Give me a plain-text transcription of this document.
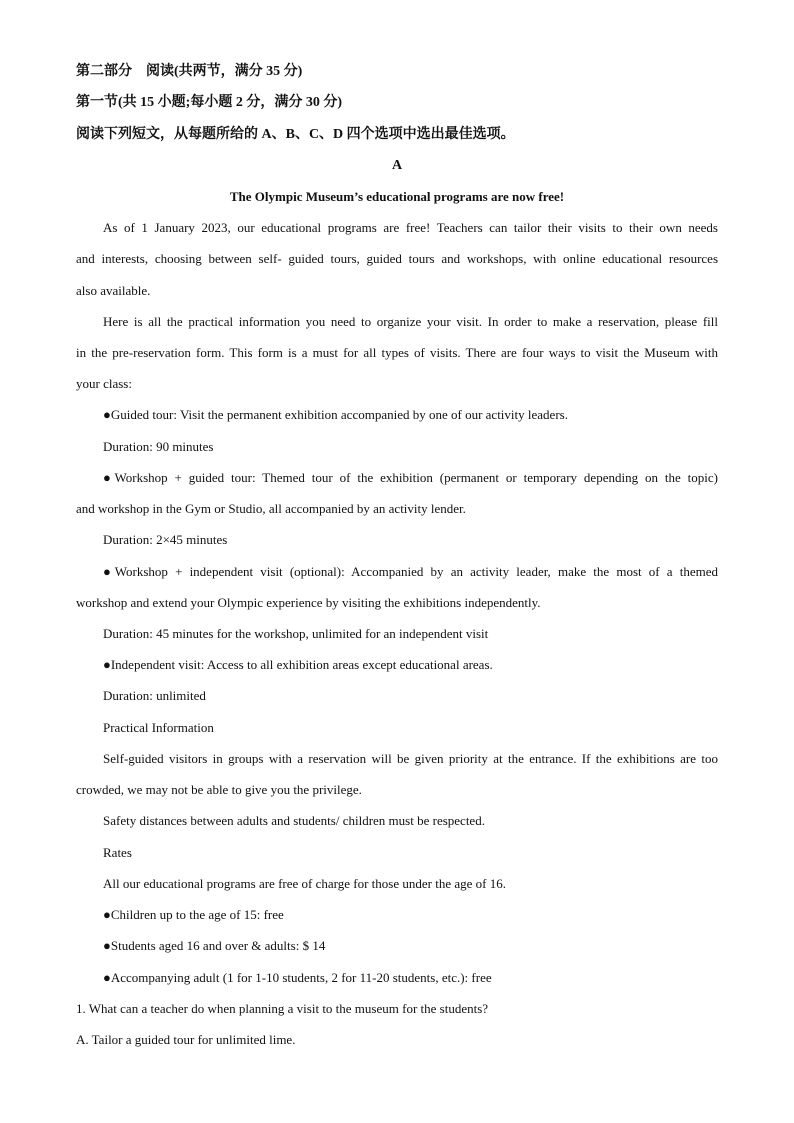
第二部分　阅读(共两节，满分 35 分)
第一节(共 15 小题;每小题 2 分，满分 30 分)
阅读下列短文，从每题所给的 A、B、C、D 四个选项中选出最佳选项。
A
The Olympic Museum’s educational programs are now free!
As of 1 January 2023, our educational programs are free! Teachers can tailor their visits to their own needs
and interests, choosing between self- guided tours, guided tours and workshops, with online educational resources
also available.
Here is all the practical information you need to organize your visit. In order to make a reservation, please fill
in the pre-reservation form. This form is a must for all types of visits. There are four ways to visit the Museum with
your class:
●Guided tour: Visit the permanent exhibition accompanied by one of our activity leaders.
Duration: 90 minutes
●Workshop + guided tour: Themed tour of the exhibition (permanent or temporary depending on the topic)
and workshop in the Gym or Studio, all accompanied by an activity lender.
Duration: 2×45 minutes
●Workshop + independent visit (optional): Accompanied by an activity leader, make the most of a themed
workshop and extend your Olympic experience by visiting the exhibitions independently.
Duration: 45 minutes for the workshop, unlimited for an independent visit
●Independent visit: Access to all exhibition areas except educational areas.
Duration: unlimited
Practical Information
Self-guided visitors in groups with a reservation will be given priority at the entrance. If the exhibitions are too
crowded, we may not be able to give you the privilege.
Safety distances between adults and students/ children must be respected.
Rates
All our educational programs are free of charge for those under the age of 16.
●Children up to the age of 15: free
●Students aged 16 and over & adults: $ 14
●Accompanying adult (1 for 1-10 students, 2 for 11-20 students, etc.): free
1. What can a teacher do when planning a visit to the museum for the students?
A. Tailor a guided tour for unlimited lime.
